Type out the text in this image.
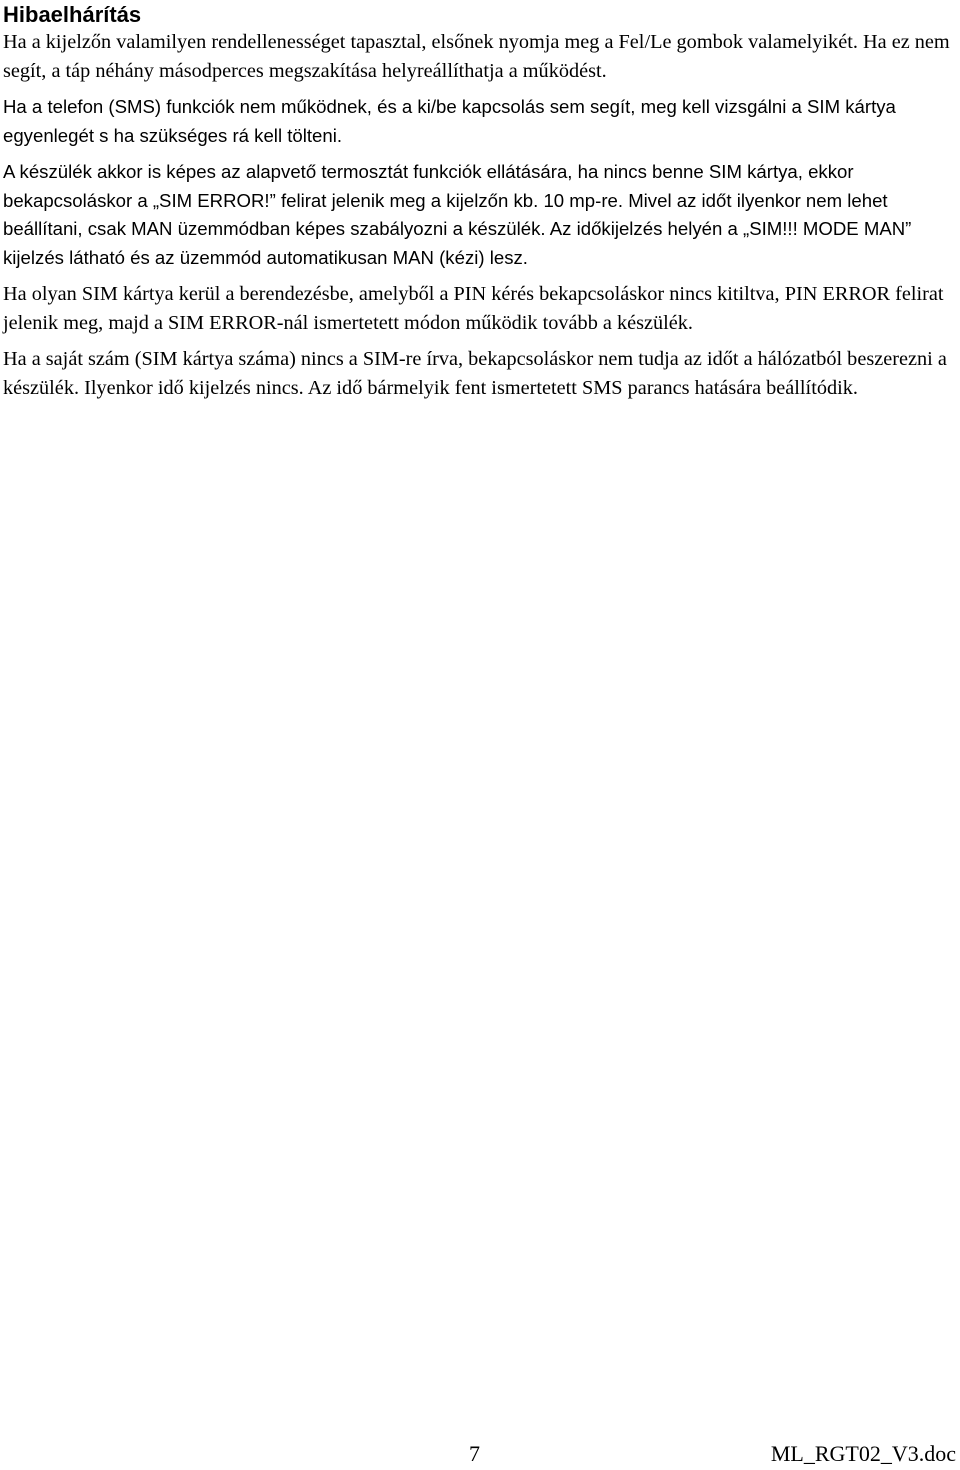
Hibaelhárítás

Ha a kijelzőn valamilyen rendellenességet tapasztal, elsőnek nyomja meg a Fel/Le gombok valamelyikét. Ha ez nem segít, a táp néhány másodperces megszakítása helyreállíthatja a működést.

Ha a telefon (SMS) funkciók nem működnek, és a ki/be kapcsolás sem segít, meg kell vizsgálni a SIM kártya egyenlegét s ha szükséges rá kell tölteni.

A készülék akkor is képes az alapvető termosztát funkciók ellátására, ha nincs benne SIM kártya, ekkor bekapcsoláskor a „SIM ERROR!” felirat jelenik meg a kijelzőn kb. 10 mp-re. Mivel az időt ilyenkor nem lehet beállítani, csak MAN üzemmódban képes szabályozni a készülék. Az időkijelzés helyén a „SIM!!! MODE MAN” kijelzés látható és az üzemmód automatikusan MAN (kézi) lesz.

Ha olyan SIM kártya kerül a berendezésbe, amelyből a PIN kérés bekapcsoláskor nincs kitiltva, PIN ERROR felirat jelenik meg, majd a SIM ERROR-nál ismertetett módon működik tovább a készülék.

Ha a saját szám (SIM kártya száma) nincs a SIM-re írva, bekapcsoláskor nem tudja az időt a hálózatból beszerezni a készülék. Ilyenkor idő kijelzés nincs. Az idő bármelyik fent ismertetett SMS parancs hatására beállítódik.

7	ML_RGT02_V3.doc
